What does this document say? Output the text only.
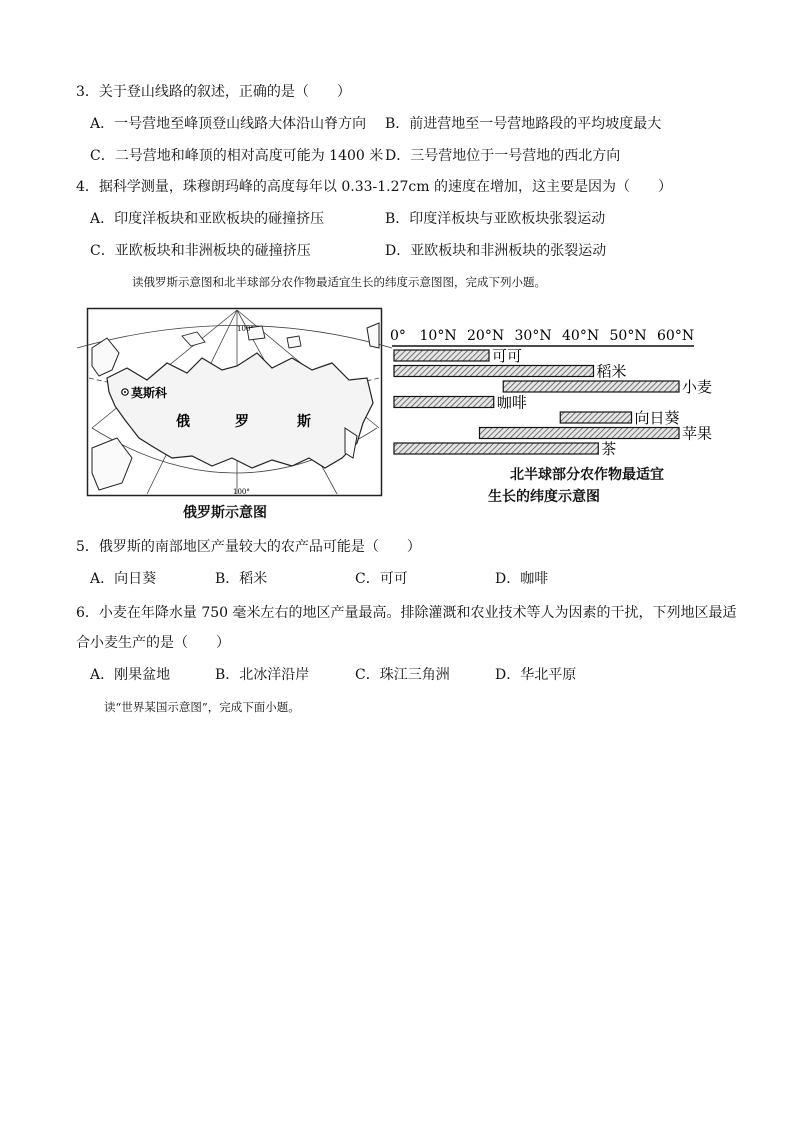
3．关于登山线路的叙述，正确的是（　　）
A．一号营地至峰顶登山线路大体沿山脊方向 B．前进营地至一号营地路段的平均坡度最大
C．二号营地和峰顶的相对高度可能为 1400 米 D．三号营地位于一号营地的西北方向
4．据科学测量，珠穆朗玛峰的高度每年以 0.33-1.27cm 的速度在增加，这主要是因为（　　）
A．印度洋板块和亚欧板块的碰撞挤压	B．印度洋板块与亚欧板块张裂运动
C．亚欧板块和非洲板块的碰撞挤压	D．亚欧板块和非洲板块的张裂运动
读俄罗斯示意图和北半球部分农作物最适宜生长的纬度示意图图，完成下列小题。
莫斯科
俄	罗	斯
100°
100°
俄罗斯示意图
0° 10°N 20°N 30°N 40°N 50°N 60°N
可可
稻米
小麦
咖啡
向日葵
苹果
茶
北半球部分农作物最适宜
生长的纬度示意图
5．俄罗斯的南部地区产量较大的农产品可能是（　　）
A．向日葵	B．稻米	C．可可	D．咖啡
6．小麦在年降水量 750 毫米左右的地区产量最高。排除灌溉和农业技术等人为因素的干扰，下列地区最适
合小麦生产的是（　　）
A．刚果盆地	B．北冰洋沿岸	C．珠江三角洲	D．华北平原
读“世界某国示意图”，完成下面小题。
